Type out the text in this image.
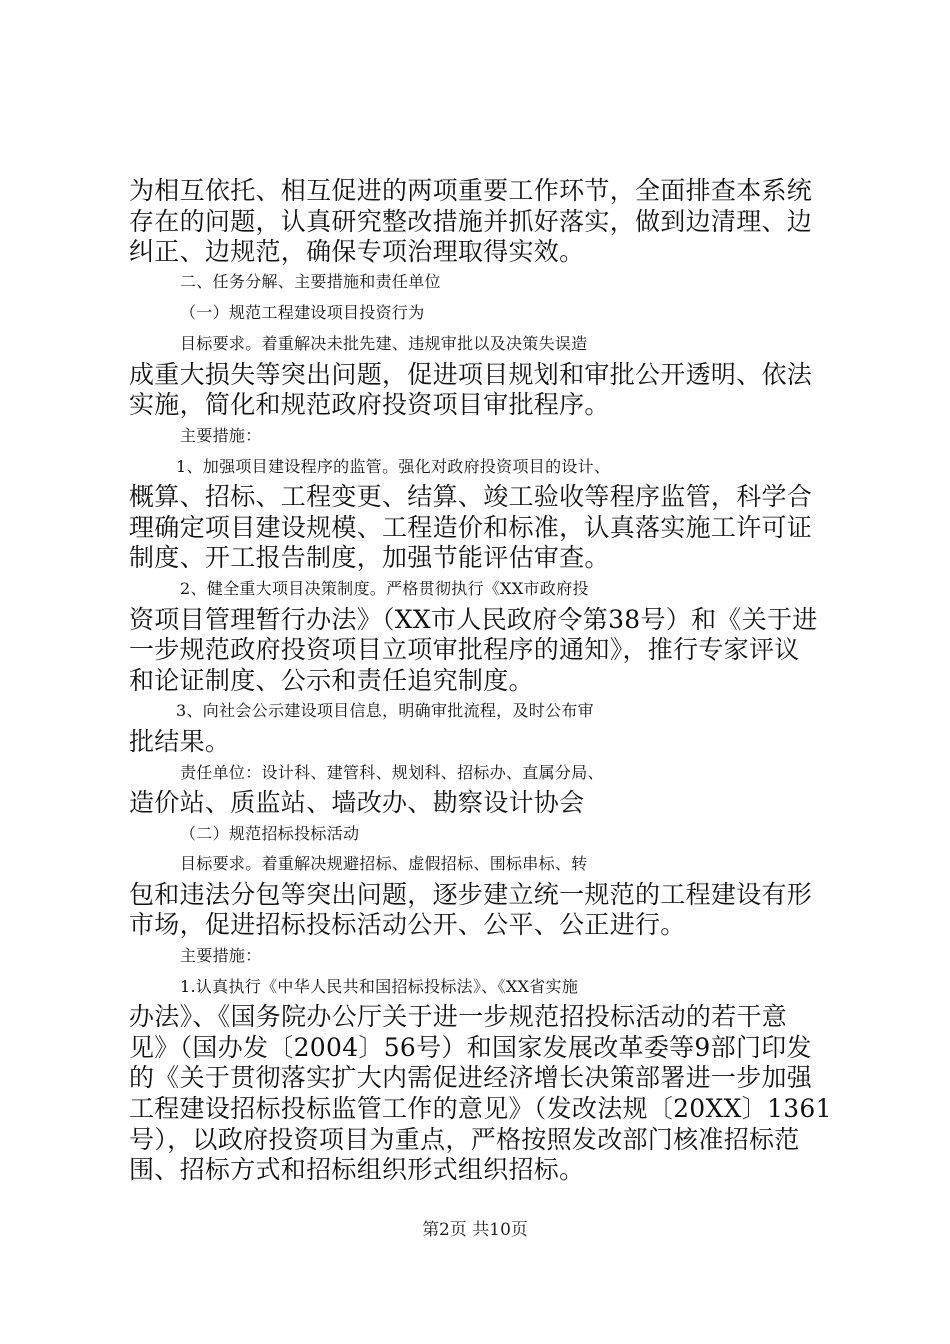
为相互依托、相互促进的两项重要工作环节，全面排查本系统
存在的问题，认真研究整改措施并抓好落实，做到边清理、边
纠正、边规范，确保专项治理取得实效。
二、任务分解、主要措施和责任单位
（一）规范工程建设项目投资行为
目标要求。着重解决未批先建、违规审批以及决策失误造
成重大损失等突出问题，促进项目规划和审批公开透明、依法
实施，简化和规范政府投资项目审批程序。
主要措施：
1、加强项目建设程序的监管。强化对政府投资项目的设计、
概算、招标、工程变更、结算、竣工验收等程序监管，科学合
理确定项目建设规模、工程造价和标准，认真落实施工许可证
制度、开工报告制度，加强节能评估审查。
2、健全重大项目决策制度。严格贯彻执行《XX市政府投
资项目管理暂行办法》（XX市人民政府令第38号）和《关于进
一步规范政府投资项目立项审批程序的通知》，推行专家评议
和论证制度、公示和责任追究制度。
3、向社会公示建设项目信息，明确审批流程，及时公布审
批结果。
责任单位：设计科、建管科、规划科、招标办、直属分局、
造价站、质监站、墙改办、勘察设计协会
（二）规范招标投标活动
目标要求。着重解决规避招标、虚假招标、围标串标、转
包和违法分包等突出问题，逐步建立统一规范的工程建设有形
市场，促进招标投标活动公开、公平、公正进行。
主要措施：
1.认真执行《中华人民共和国招标投标法》、《XX省实施
办法》、《国务院办公厅关于进一步规范招投标活动的若干意
见》（国办发〔2004〕56号）和国家发展改革委等9部门印发
的《关于贯彻落实扩大内需促进经济增长决策部署进一步加强
工程建设招标投标监管工作的意见》（发改法规〔20XX〕1361
号），以政府投资项目为重点，严格按照发改部门核准招标范
围、招标方式和招标组织形式组织招标。
第2页 共10页
